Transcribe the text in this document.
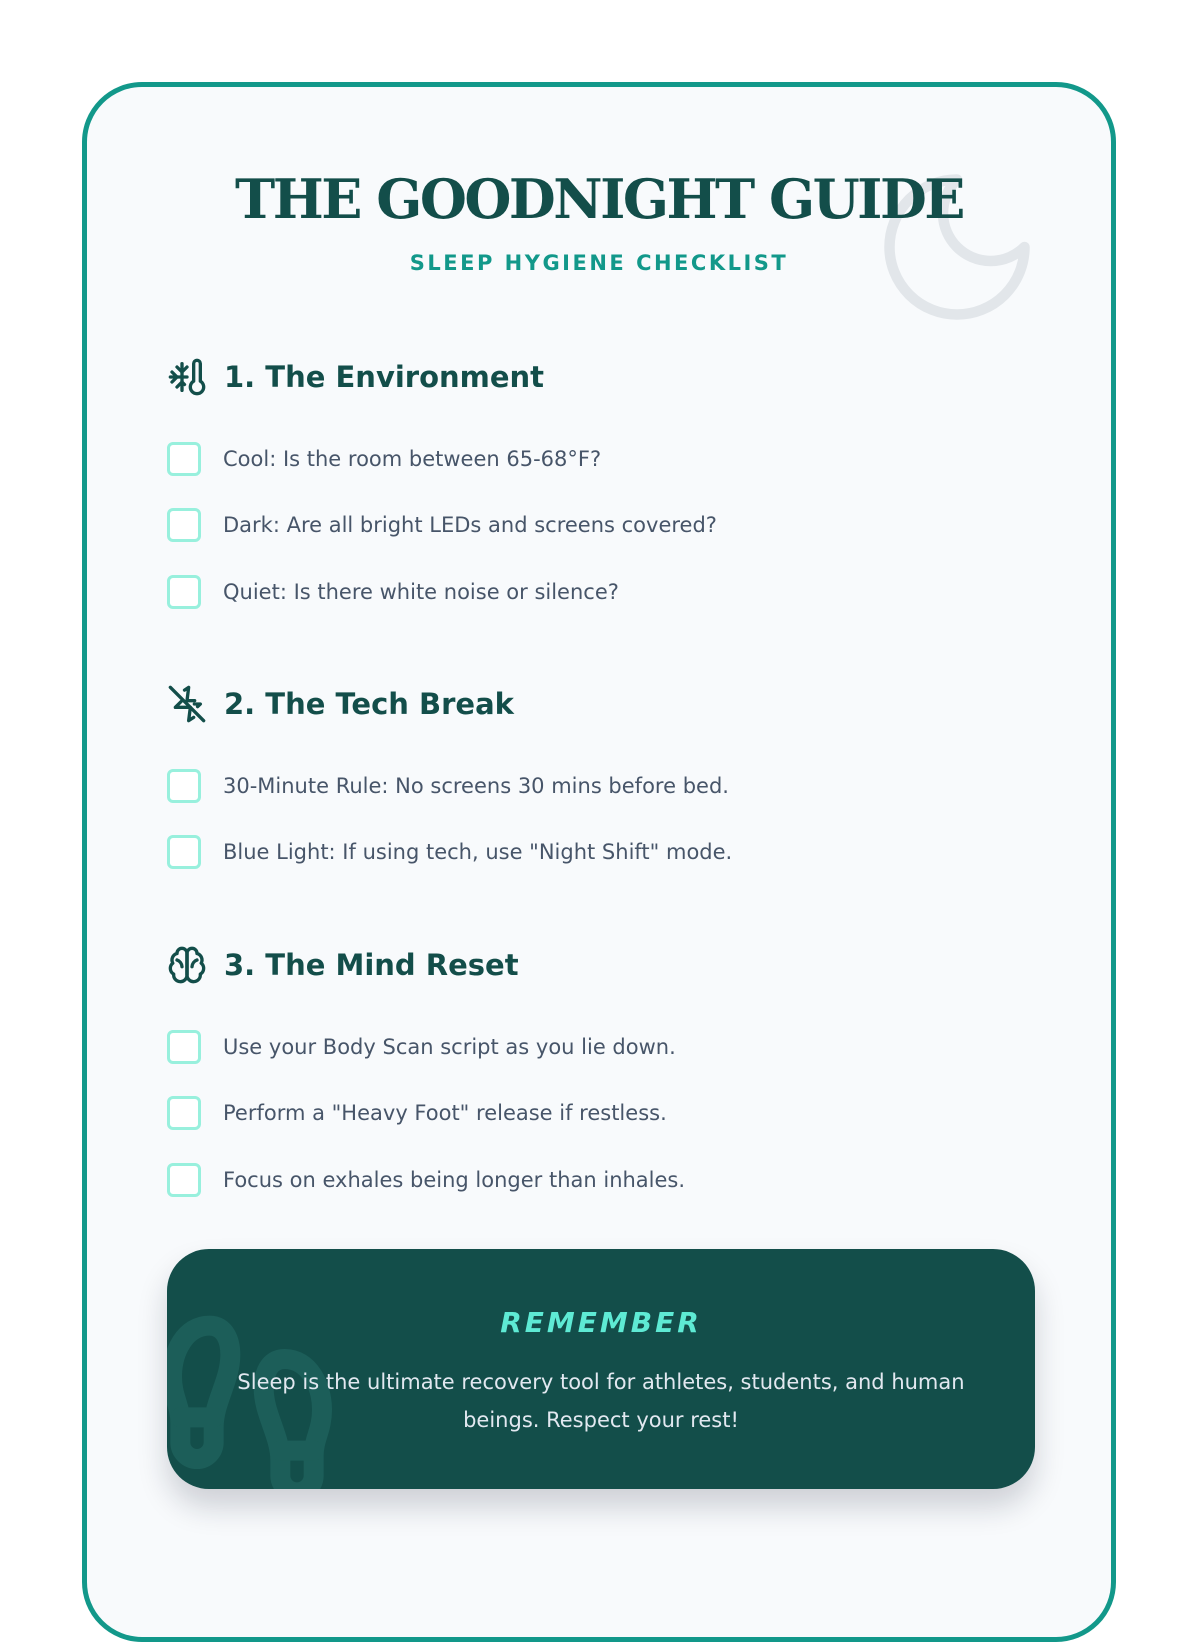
THE GOODNIGHT GUIDE

SLEEP HYGIENE CHECKLIST

1. The Environment
Cool: Is the room between 65-68°F?
Dark: Are all bright LEDs and screens covered?
Quiet: Is there white noise or silence?
2. The Tech Break
30-Minute Rule: No screens 30 mins before bed.
Blue Light: If using tech, use "Night Shift" mode.
3. The Mind Reset
Use your Body Scan script as you lie down.
Perform a "Heavy Foot" release if restless.
Focus on exhales being longer than inhales.
REMEMBER
Sleep is the ultimate recovery tool for athletes, students, and human beings. Respect your rest!
